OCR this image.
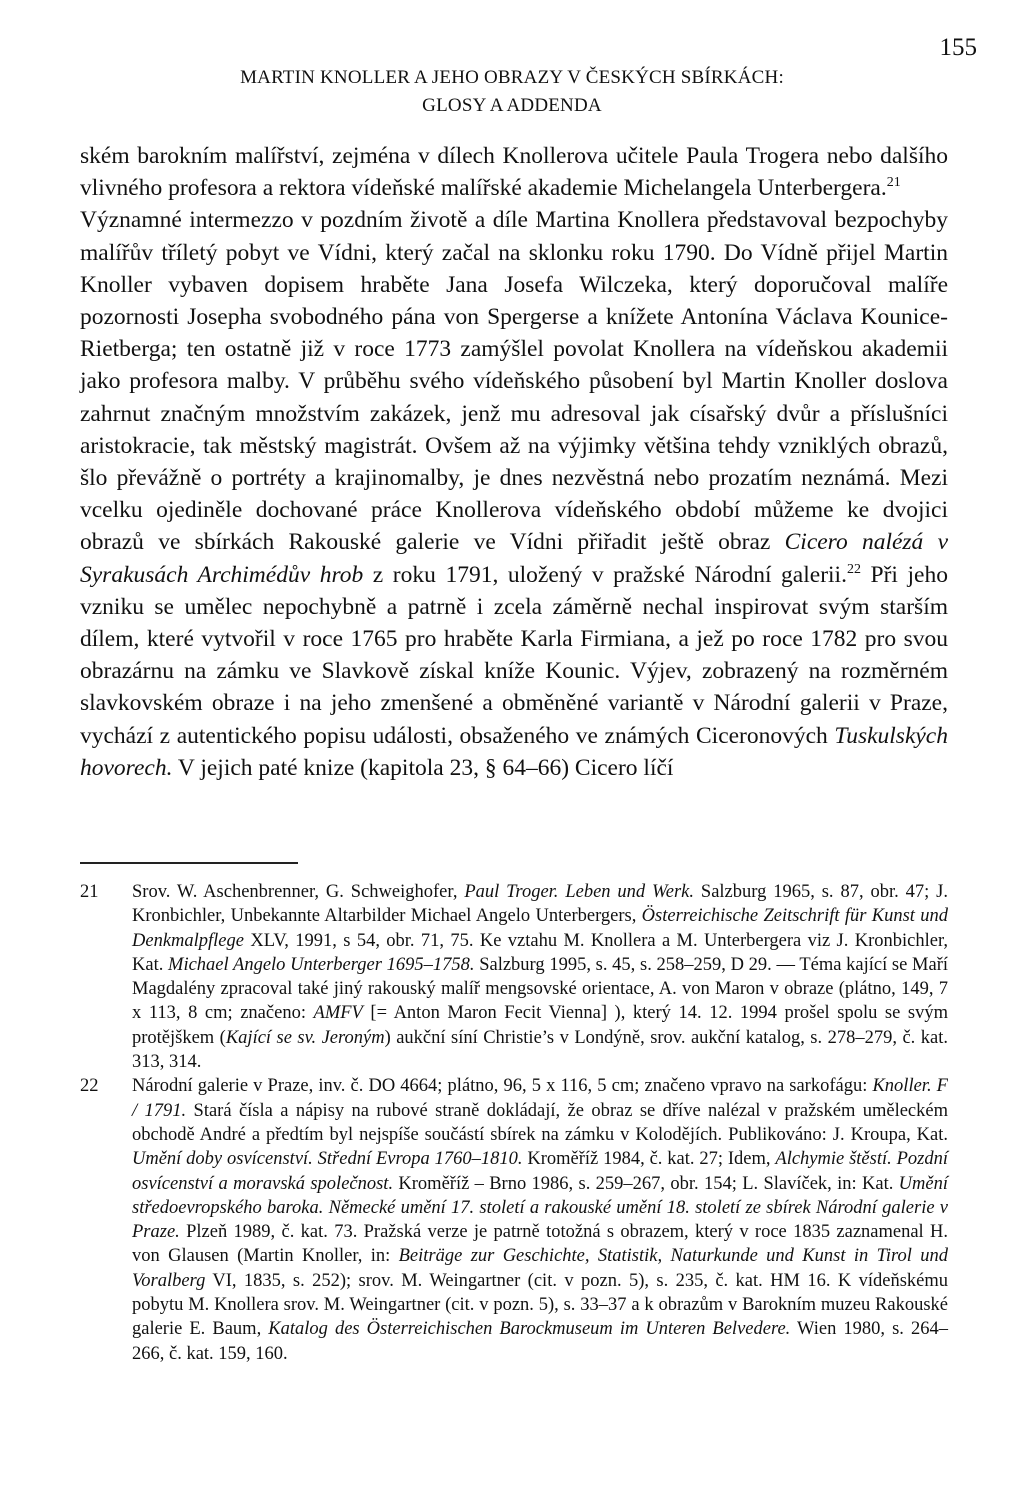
155
MARTIN KNOLLER A JEHO OBRAZY V ČESKÝCH SBÍRKÁCH:
GLOSY A ADDENDA

ském barokním malířství, zejména v dílech Knollerova učitele Paula Trogera nebo dalšího vlivného profesora a rektora vídeňské malířské akademie Michelangela Unterbergera.$^{21}$

Významné intermezzo v pozdním životě a díle Martina Knollera představoval bezpochyby malířův tříletý pobyt ve Vídni, který začal na sklonku roku 1790. Do Vídně přijel Martin Knoller vybaven dopisem hraběte Jana Josefa Wilczeka, který doporučoval malíře pozornosti Josepha svobodného pána von Spergerse a knížete Antonína Václava Kounice-Rietberga; ten ostatně již v roce 1773 zamýšlel povolat Knollera na vídeňskou akademii jako profesora malby. V průběhu svého vídeňského působení byl Martin Knoller doslova zahrnut značným množstvím zakázek, jenž mu adresoval jak císařský dvůr a příslušníci aristokracie, tak městský magistrát. Ovšem až na výjimky většina tehdy vzniklých obrazů, šlo převážně o portréty a krajinomalby, je dnes nezvěstná nebo prozatím neznámá. Mezi vcelku ojediněle dochované práce Knollerova vídeňského období můžeme ke dvojici obrazů ve sbírkách Rakouské galerie ve Vídni přiřadit ještě obraz Cicero nalézá v Syrakusách Archimédův hrob z roku 1791, uložený v pražské Národní galerii.$^{22}$ Při jeho vzniku se umělec nepochybně a patrně i zcela záměrně nechal inspirovat svým starším dílem, které vytvořil v roce 1765 pro hraběte Karla Firmiana, a jež po roce 1782 pro svou obrazárnu na zámku ve Slavkově získal kníže Kounic. Výjev, zobrazený na rozměrném slavkovském obraze i na jeho zmenšené a obměněné variantě v Národní galerii v Praze, vychází z autentického popisu události, obsaženého ve známých Ciceronových Tuskulských hovorech. V jejich paté knize (kapitola 23, § 64–66) Cicero líčí

21 Srov. W. Aschenbrenner, G. Schweighofer, Paul Troger. Leben und Werk. Salzburg 1965, s. 87, obr. 47; J. Kronbichler, Unbekannte Altarbilder Michael Angelo Unterbergers, Österreichische Zeitschrift für Kunst und Denkmalpflege XLV, 1991, s 54, obr. 71, 75. Ke vztahu M. Knollera a M. Unterbergera viz J. Kronbichler, Kat. Michael Angelo Unterberger 1695–1758. Salzburg 1995, s. 45, s. 258–259, D 29. — Téma kající se Maří Magdalény zpracoval také jiný rakouský malíř mengsovské orientace, A. von Maron v obraze (plátno, 149, 7 x 113, 8 cm; značeno: AMFV [= Anton Maron Fecit Vienna] ), který 14. 12. 1994 prošel spolu se svým protějškem (Kající se sv. Jeroným) aukční síní Christie’s v Londýně, srov. aukční katalog, s. 278–279, č. kat. 313, 314.
22 Národní galerie v Praze, inv. č. DO 4664; plátno, 96, 5 x 116, 5 cm; značeno vpravo na sarkofágu: Knoller. F / 1791. Stará čísla a nápisy na rubové straně dokládají, že obraz se dříve nalézal v pražském uměleckém obchodě André a předtím byl nejspíše součástí sbírek na zámku v Kolodějích. Publikováno: J. Kroupa, Kat. Umění doby osvícenství. Střední Evropa 1760–1810. Kroměříž 1984, č. kat. 27; Idem, Alchymie štěstí. Pozdní osvícenství a moravská společnost. Kroměříž – Brno 1986, s. 259–267, obr. 154; L. Slavíček, in: Kat. Umění středoevropského baroka. Německé umění 17. století a rakouské umění 18. století ze sbírek Národní galerie v Praze. Plzeň 1989, č. kat. 73. Pražská verze je patrně totožná s obrazem, který v roce 1835 zaznamenal H. von Glausen (Martin Knoller, in: Beiträge zur Geschichte, Statistik, Naturkunde und Kunst in Tirol und Voralberg VI, 1835, s. 252); srov. M. Weingartner (cit. v pozn. 5), s. 235, č. kat. HM 16. K vídeňskému pobytu M. Knollera srov. M. Weingartner (cit. v pozn. 5), s. 33–37 a k obrazům v Barokním muzeu Rakouské galerie E. Baum, Katalog des Österreichischen Barockmuseum im Unteren Belvedere. Wien 1980, s. 264–266, č. kat. 159, 160.
